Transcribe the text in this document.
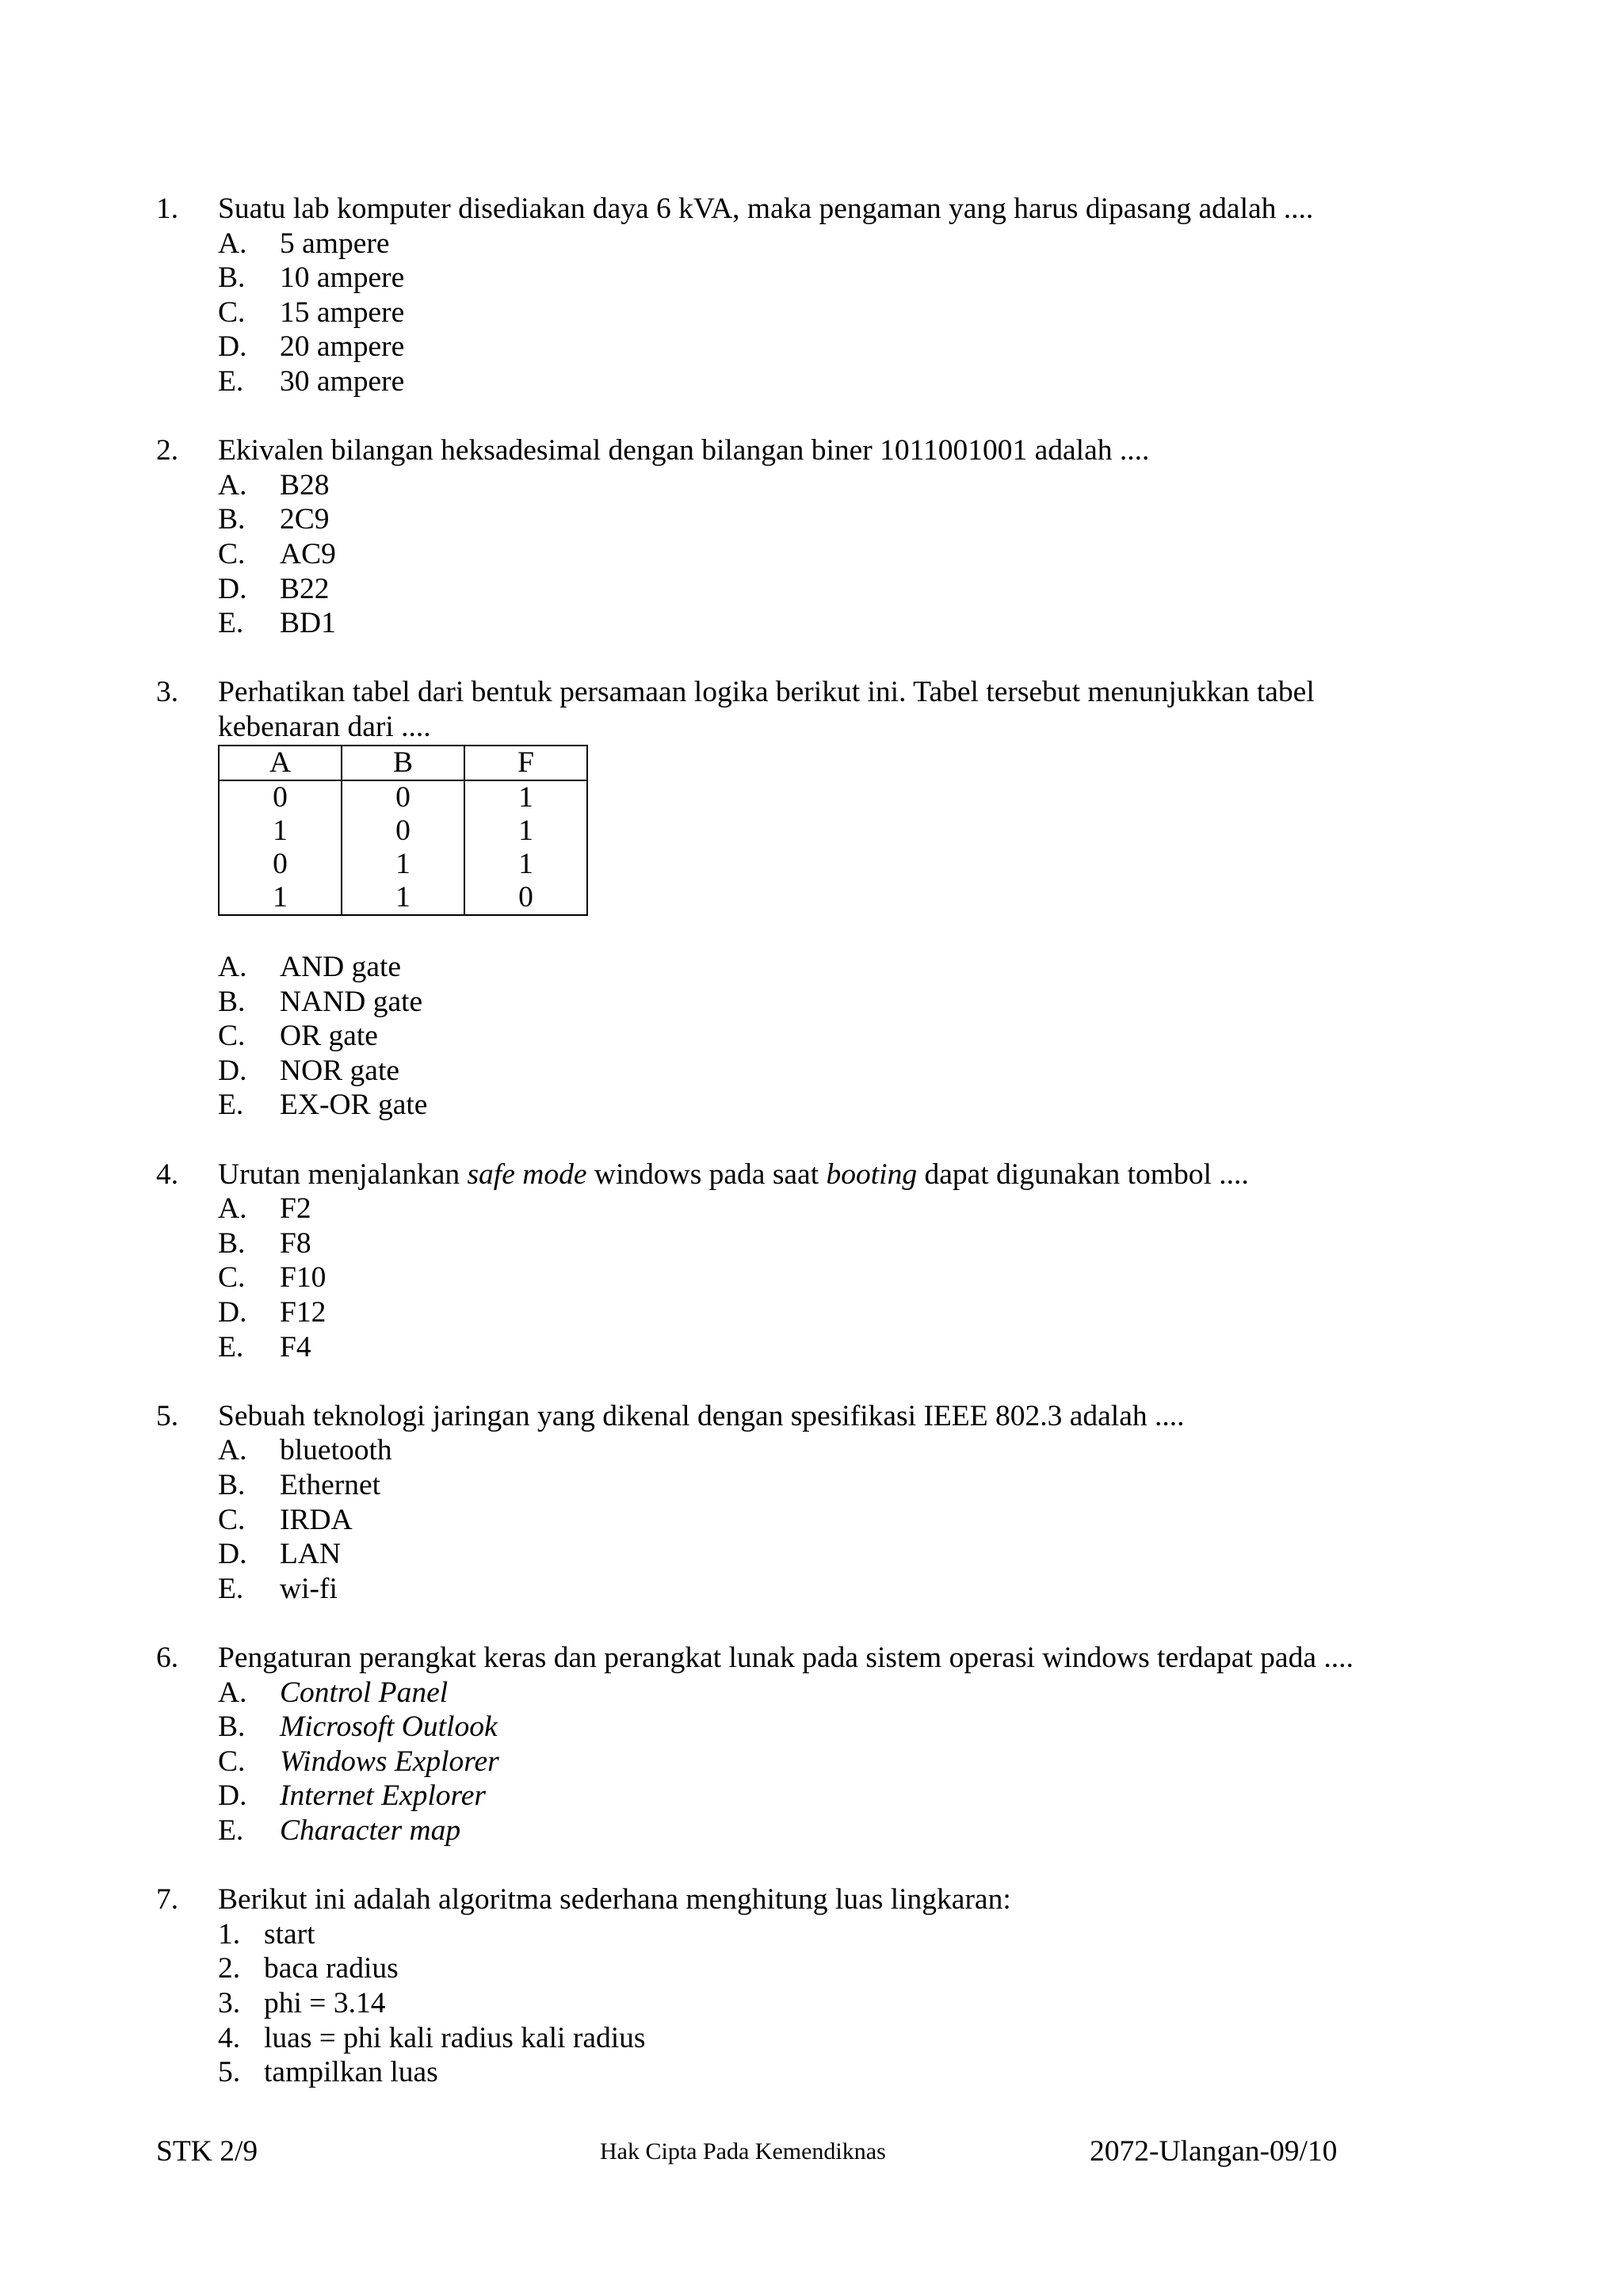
1.	Suatu lab komputer disediakan daya 6 kVA, maka pengaman yang harus dipasang adalah ....
A.	5 ampere
B.	10 ampere
C.	15 ampere
D.	20 ampere
E.	30 ampere
2.	Ekivalen bilangan heksadesimal dengan bilangan biner 1011001001 adalah ....
A.	B28
B.	2C9
C.	AC9
D.	B22
E.	BD1
3.	Perhatikan tabel dari bentuk persamaan logika berikut ini. Tabel tersebut menunjukkan tabel kebenaran dari ....
A	B	F
0	0	1
1	0	1
0	1	1
1	1	0
A.	AND gate
B.	NAND gate
C.	OR gate
D.	NOR gate
E.	EX-OR gate
4.	Urutan menjalankan safe mode windows pada saat booting dapat digunakan tombol ....
A.	F2
B.	F8
C.	F10
D.	F12
E.	F4
5.	Sebuah teknologi jaringan yang dikenal dengan spesifikasi IEEE 802.3 adalah ....
A.	bluetooth
B.	Ethernet
C.	IRDA
D.	LAN
E.	wi-fi
6.	Pengaturan perangkat keras dan perangkat lunak pada sistem operasi windows terdapat pada ....
A.	Control Panel
B.	Microsoft Outlook
C.	Windows Explorer
D.	Internet Explorer
E.	Character map
7.	Berikut ini adalah algoritma sederhana menghitung luas lingkaran:
1. start
2. baca radius
3. phi = 3.14
4. luas = phi kali radius kali radius
5. tampilkan luas
STK 2/9	Hak Cipta Pada Kemendiknas	2072-Ulangan-09/10
